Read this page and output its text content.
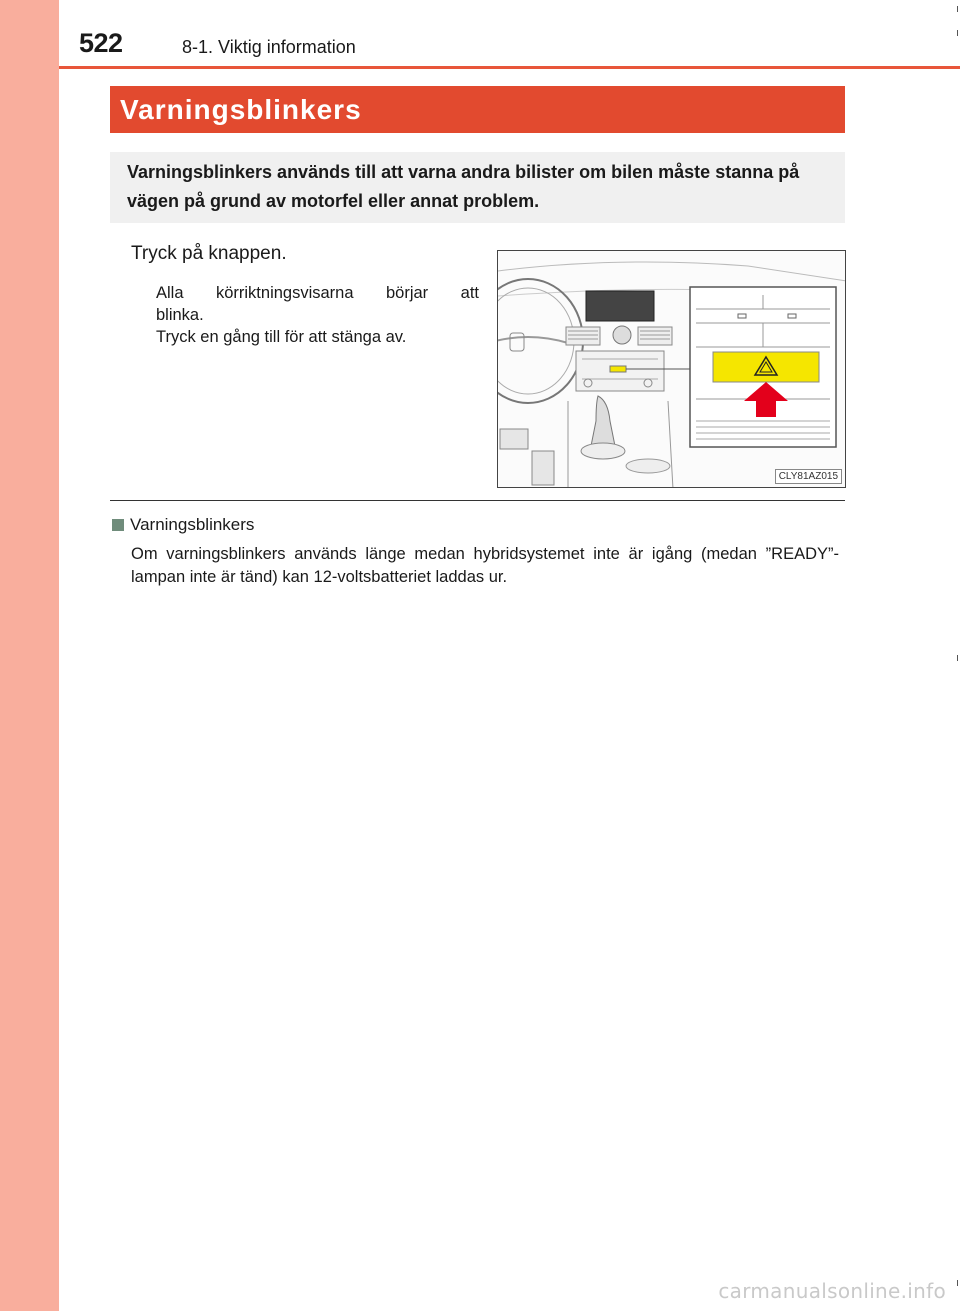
522	8-1. Viktig information
Varningsblinkers
Varningsblinkers används till att varna andra bilister om bilen måste stanna på vägen på grund av motorfel eller annat problem.
Tryck på knappen.
Alla körriktningsvisarna börjar att
blinka.
Tryck en gång till för att stänga av.
CLY81AZ015
Varningsblinkers
Om varningsblinkers används länge medan hybridsystemet inte är igång (medan ”READY”-lampan inte är tänd) kan 12-voltsbatteriet laddas ur.
carmanualsonline.info
